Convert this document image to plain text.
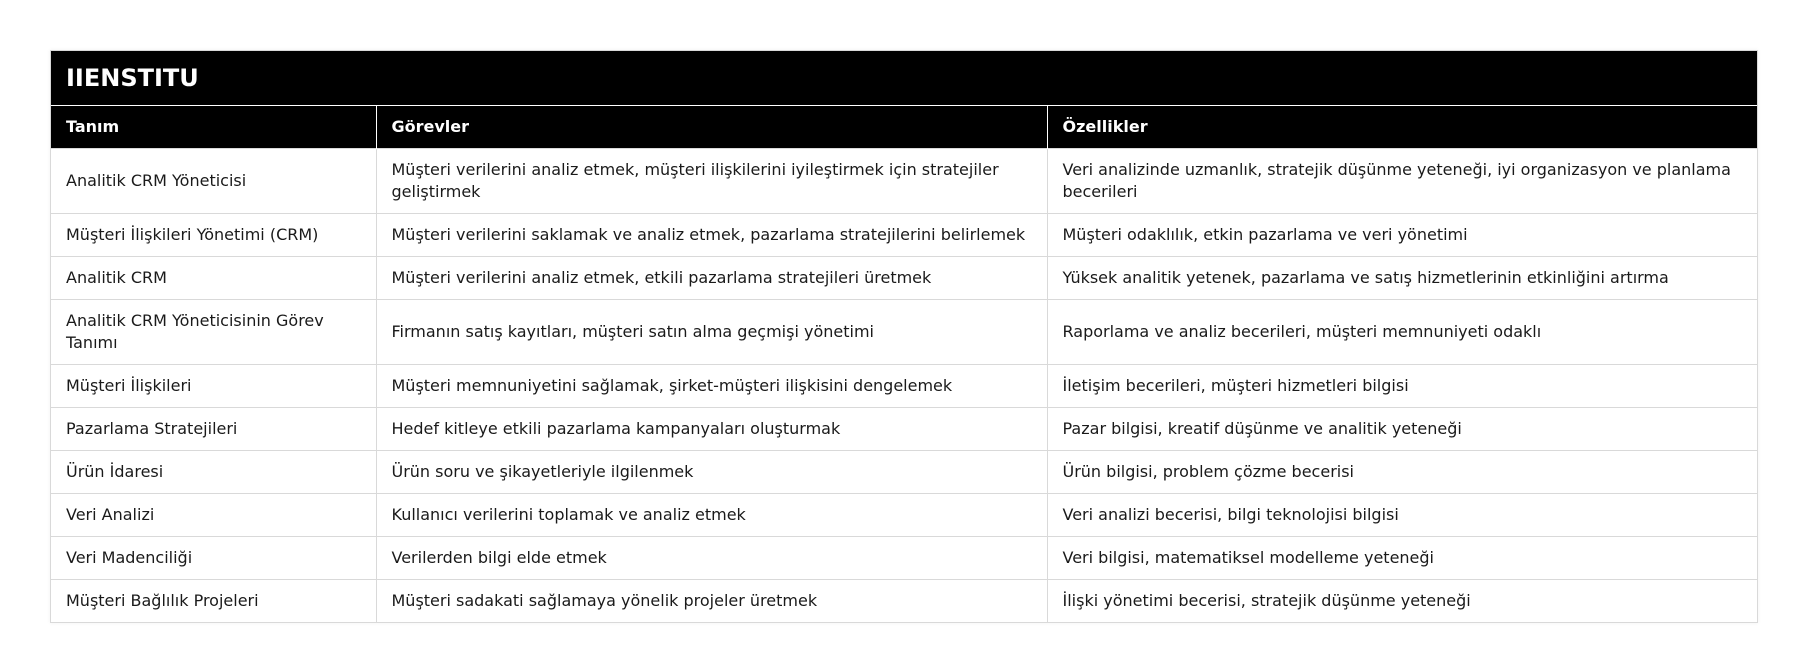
IIENSTITU
Tanım	Görevler	Özellikler
Analitik CRM Yöneticisi	Müşteri verilerini analiz etmek, müşteri ilişkilerini iyileştirmek için stratejiler geliştirmek	Veri analizinde uzmanlık, stratejik düşünme yeteneği, iyi organizasyon ve planlama becerileri
Müşteri İlişkileri Yönetimi (CRM)	Müşteri verilerini saklamak ve analiz etmek, pazarlama stratejilerini belirlemek	Müşteri odaklılık, etkin pazarlama ve veri yönetimi
Analitik CRM	Müşteri verilerini analiz etmek, etkili pazarlama stratejileri üretmek	Yüksek analitik yetenek, pazarlama ve satış hizmetlerinin etkinliğini artırma
Analitik CRM Yöneticisinin Görev Tanımı	Firmanın satış kayıtları, müşteri satın alma geçmişi yönetimi	Raporlama ve analiz becerileri, müşteri memnuniyeti odaklı
Müşteri İlişkileri	Müşteri memnuniyetini sağlamak, şirket-müşteri ilişkisini dengelemek	İletişim becerileri, müşteri hizmetleri bilgisi
Pazarlama Stratejileri	Hedef kitleye etkili pazarlama kampanyaları oluşturmak	Pazar bilgisi, kreatif düşünme ve analitik yeteneği
Ürün İdaresi	Ürün soru ve şikayetleriyle ilgilenmek	Ürün bilgisi, problem çözme becerisi
Veri Analizi	Kullanıcı verilerini toplamak ve analiz etmek	Veri analizi becerisi, bilgi teknolojisi bilgisi
Veri Madenciliği	Verilerden bilgi elde etmek	Veri bilgisi, matematiksel modelleme yeteneği
Müşteri Bağlılık Projeleri	Müşteri sadakati sağlamaya yönelik projeler üretmek	İlişki yönetimi becerisi, stratejik düşünme yeteneği
